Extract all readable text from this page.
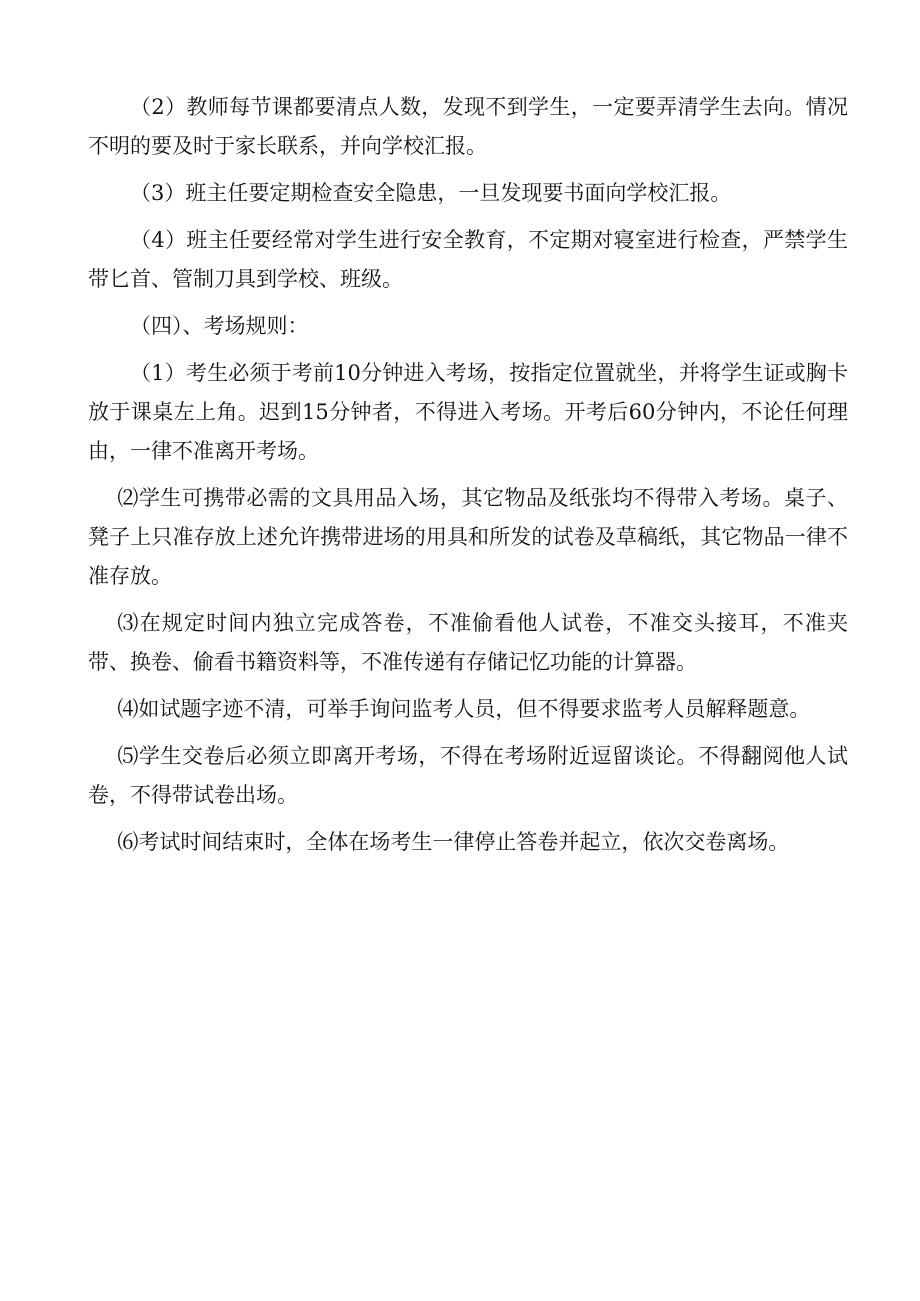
（2）教师每节课都要清点人数，发现不到学生，一定要弄清学生去向。情况不明的要及时于家长联系，并向学校汇报。

（3）班主任要定期检查安全隐患，一旦发现要书面向学校汇报。

（4）班主任要经常对学生进行安全教育，不定期对寝室进行检查，严禁学生带匕首、管制刀具到学校、班级。

（四）、考场规则：

（1）考生必须于考前10分钟进入考场，按指定位置就坐，并将学生证或胸卡放于课桌左上角。迟到15分钟者，不得进入考场。开考后60分钟内，不论任何理由，一律不准离开考场。

⑵学生可携带必需的文具用品入场，其它物品及纸张均不得带入考场。桌子、凳子上只准存放上述允许携带进场的用具和所发的试卷及草稿纸，其它物品一律不准存放。

⑶在规定时间内独立完成答卷，不准偷看他人试卷，不准交头接耳，不准夹带、换卷、偷看书籍资料等，不准传递有存储记忆功能的计算器。

⑷如试题字迹不清，可举手询问监考人员，但不得要求监考人员解释题意。

⑸学生交卷后必须立即离开考场，不得在考场附近逗留谈论。不得翻阅他人试卷，不得带试卷出场。

⑹考试时间结束时，全体在场考生一律停止答卷并起立，依次交卷离场。
